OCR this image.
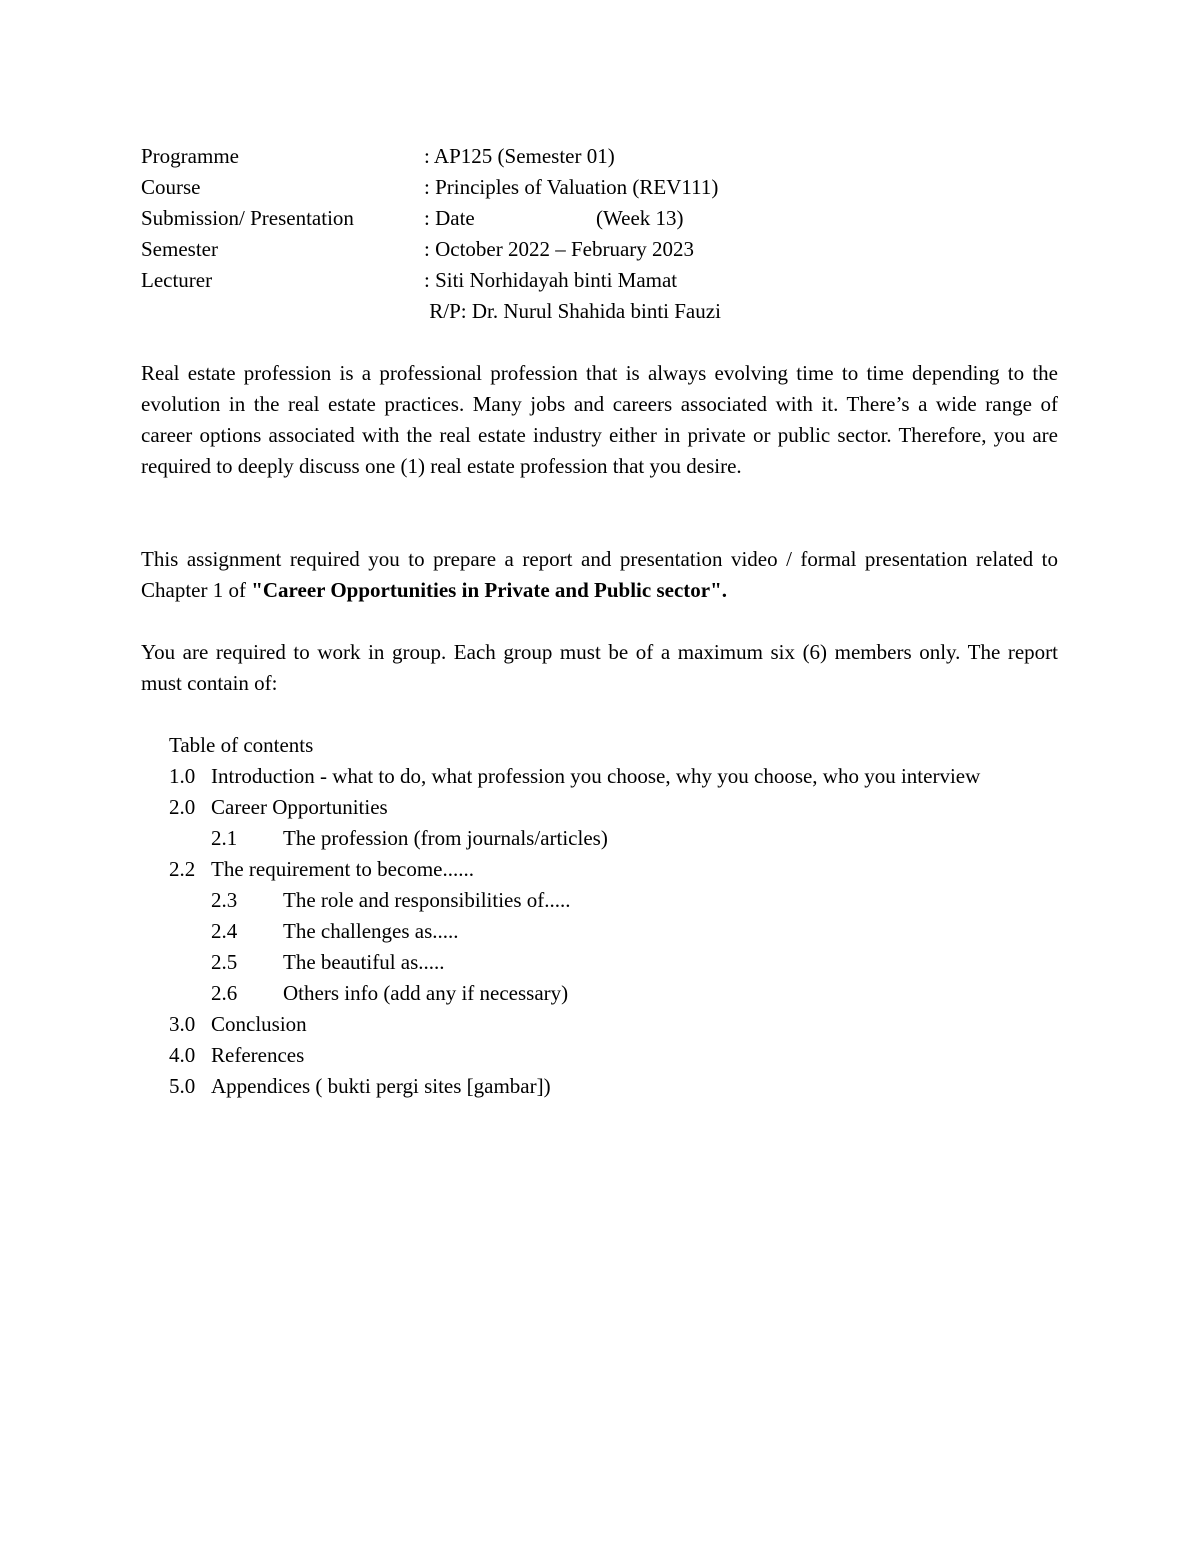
Programme	: AP125 (Semester 01)
Course	: Principles of Valuation (REV111)
Submission/ Presentation	: Date	(Week 13)
Semester	: October 2022 – February 2023
Lecturer	: Siti Norhidayah binti Mamat
R/P: Dr. Nurul Shahida binti Fauzi

Real estate profession is a professional profession that is always evolving time to time depending to the evolution in the real estate practices. Many jobs and careers associated with it. There’s a wide range of career options associated with the real estate industry either in private or public sector. Therefore, you are required to deeply discuss one (1) real estate profession that you desire.

This assignment required you to prepare a report and presentation video / formal presentation related to Chapter 1 of "Career Opportunities in Private and Public sector".

You are required to work in group. Each group must be of a maximum six (6) members only. The report must contain of:

Table of contents
1.0 Introduction - what to do, what profession you choose, why you choose, who you interview
2.0 Career Opportunities
2.1 The profession (from journals/articles)
2.2 The requirement to become......
2.3 The role and responsibilities of.....
2.4 The challenges as.....
2.5 The beautiful as.....
2.6 Others info (add any if necessary)
3.0 Conclusion
4.0 References
5.0 Appendices ( bukti pergi sites [gambar])
